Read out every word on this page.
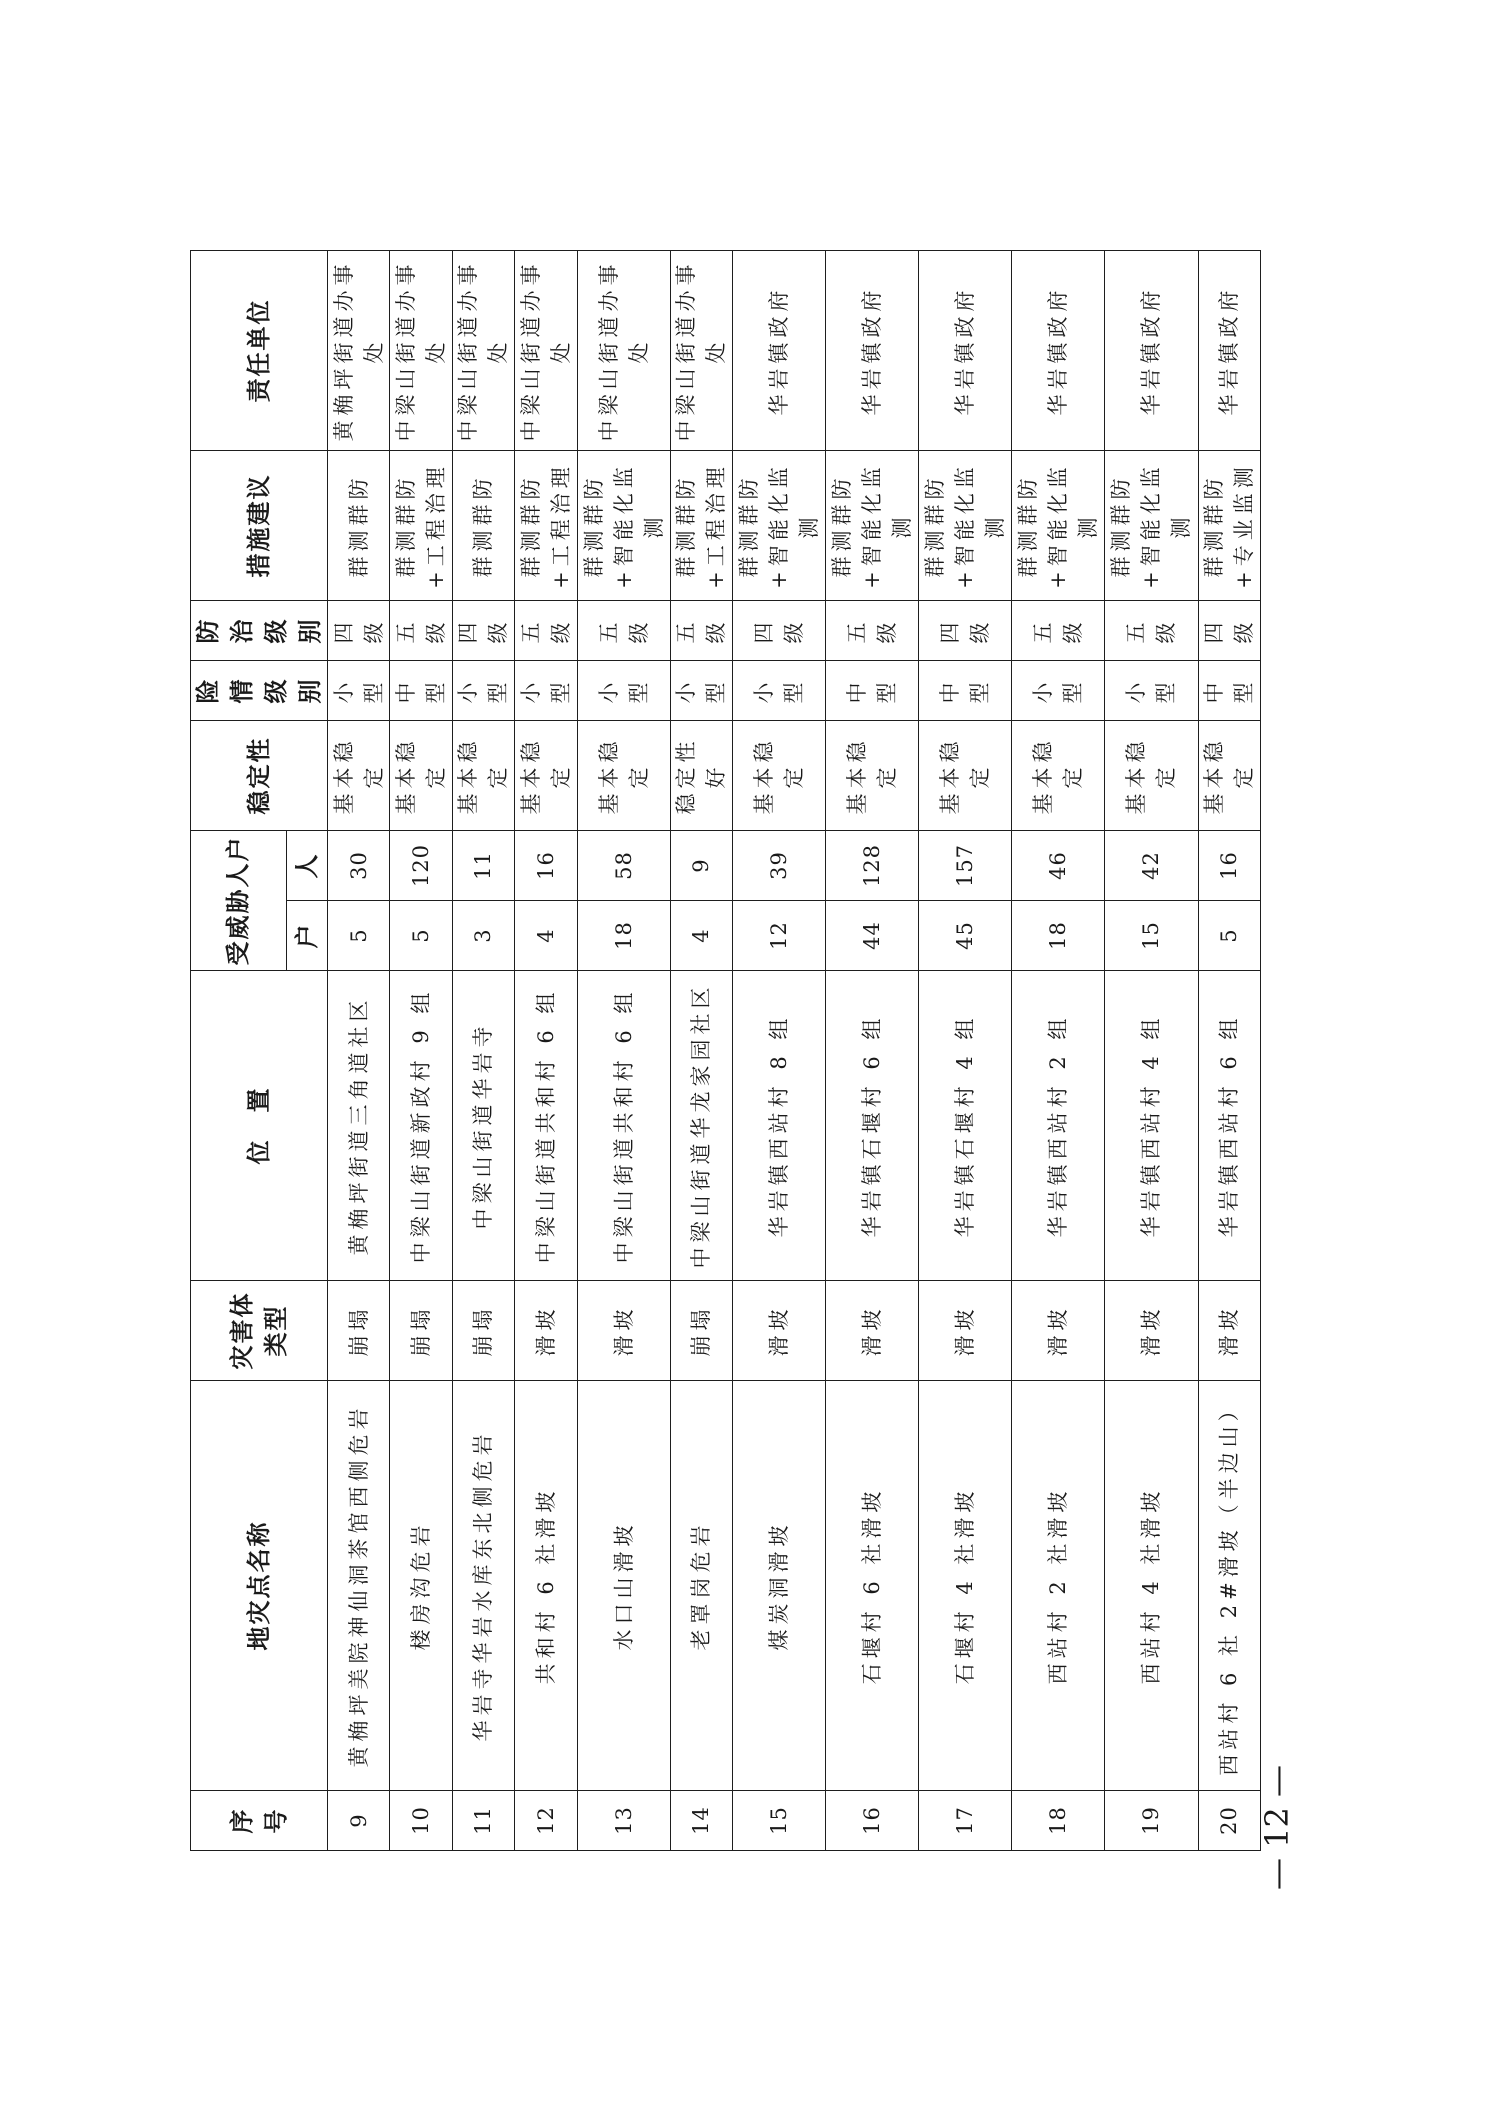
序号	地灾点名称	灾害体类型	位　置	受威胁人户		稳定性	险情级别	防治级别	措施建议	责任单位
				户	人					
9	黄桷坪美院神仙洞茶馆西侧危岩	崩塌	黄桷坪街道三角道社区	5	30	基本稳定	小型	四级	群测群防	黄桷坪街道办事处
10	楼房沟危岩	崩塌	中梁山街道新政村 9 组	5	120	基本稳定	中型	五级	群测群防+工程治理	中梁山街道办事处
11	华岩寺华岩水库东北侧危岩	崩塌	中梁山街道华岩寺	3	11	基本稳定	小型	四级	群测群防	中梁山街道办事处
12	共和村 6 社滑坡	滑坡	中梁山街道共和村 6 组	4	16	基本稳定	小型	五级	群测群防+工程治理	中梁山街道办事处
13	水口山滑坡	滑坡	中梁山街道共和村 6 组	18	58	基本稳定	小型	五级	群测群防+智能化监测	中梁山街道办事处
14	老罩岗危岩	崩塌	中梁山街道华龙家园社区	4	9	稳定性好	小型	五级	群测群防+工程治理	中梁山街道办事处
15	煤炭洞滑坡	滑坡	华岩镇西站村 8 组	12	39	基本稳定	小型	四级	群测群防+智能化监测	华岩镇政府
16	石堰村 6 社滑坡	滑坡	华岩镇石堰村 6 组	44	128	基本稳定	中型	五级	群测群防+智能化监测	华岩镇政府
17	石堰村 4 社滑坡	滑坡	华岩镇石堰村 4 组	45	157	基本稳定	中型	四级	群测群防+智能化监测	华岩镇政府
18	西站村 2 社滑坡	滑坡	华岩镇西站村 2 组	18	46	基本稳定	小型	五级	群测群防+智能化监测	华岩镇政府
19	西站村 4 社滑坡	滑坡	华岩镇西站村 4 组	15	42	基本稳定	小型	五级	群测群防+智能化监测	华岩镇政府
20	西站村 6 社 2#滑坡（半边山）	滑坡	华岩镇西站村 6 组	5	16	基本稳定	中型	四级	群测群防+专业监测	华岩镇政府
— 12 —
